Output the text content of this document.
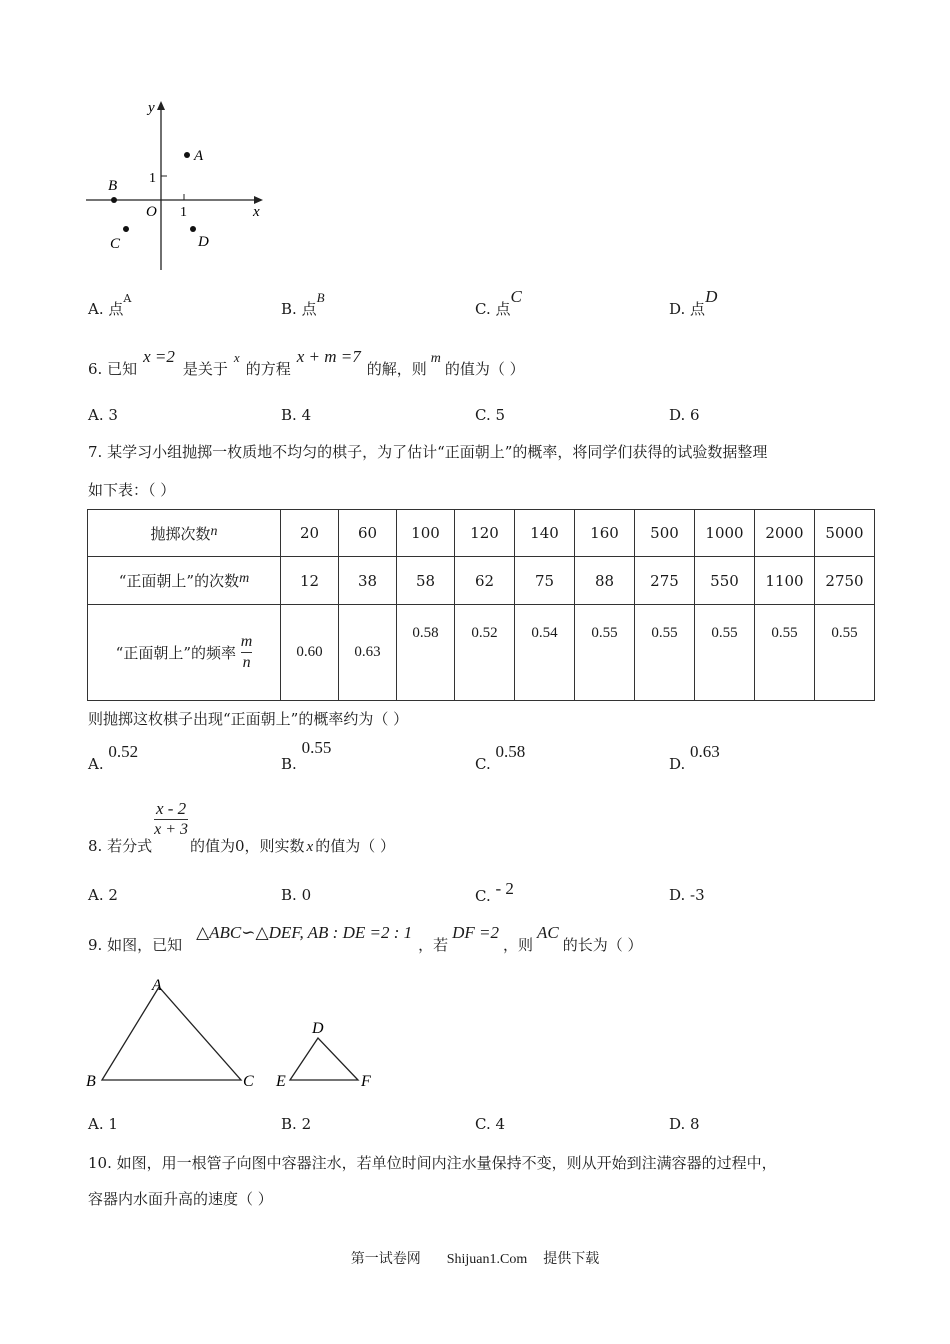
y
x
O 1
1
A
B
C	D
A. 点$^A$
B. 点B
C. 点C
D. 点D
6. 已知x =2是关于x的方程x + m =7的解，则m的值为（ ）
A. 3	B. 4	C. 5	D. 6
7. 某学习小组抛掷一枚质地不均匀的棋子，为了估计“正面朝上”的概率，将同学们获得的试验数据整理
如下表：（ ）
抛掷次数n	20	60	100	120	140	160	500	1000	2000	5000
“正面朝上”的次数m	12	38	58	62	75	88	275	550	1100	2750
“正面朝上”的频率 $\frac{m}{n}$	0.60	0.63	0.58	0.52	0.54	0.55	0.55	0.55	0.55	0.55
则抛掷这枚棋子出现“正面朝上”的概率约为（ ）
A. 0.52
B. 0.55
C. 0.58
D. 0.63
8. 若分式
$\frac{x - 2}{x + 3}$
的值为0，则实数 x 的值为（ ）
A. 2	B. 0	C. - 2	D. -3
9. 如图，已知△ABC∽△DEF, AB : DE =2 : 1，若DF =2，则AC的长为（ ）
A
B	C
D
E	F
A. 1	B. 2	C. 4	D. 8
10. 如图，用一根管子向图中容器注水，若单位时间内注水量保持不变，则从开始到注满容器的过程中，
容器内水面升高的速度（ ）
第一试卷网 Shijuan1.Com 提供下载
